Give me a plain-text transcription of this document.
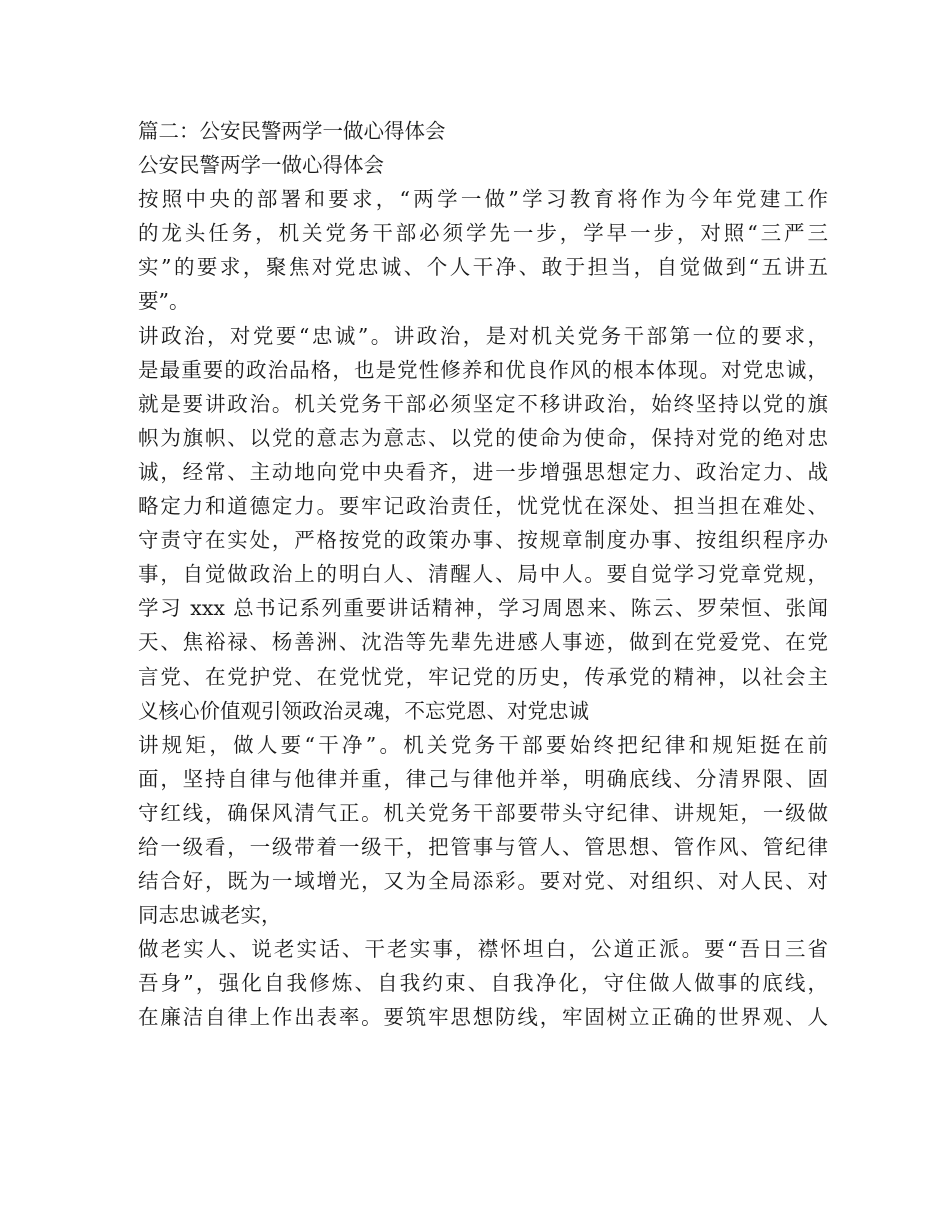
篇二：公安民警两学一做心得体会
公安民警两学一做心得体会
按照中央的部署和要求，“两学一做”学习教育将作为今年党建工作
的龙头任务，机关党务干部必须学先一步，学早一步，对照“三严三
实”的要求，聚焦对党忠诚、个人干净、敢于担当，自觉做到“五讲五
要”。
讲政治，对党要“忠诚”。讲政治，是对机关党务干部第一位的要求，
是最重要的政治品格，也是党性修养和优良作风的根本体现。对党忠诚，
就是要讲政治。机关党务干部必须坚定不移讲政治，始终坚持以党的旗
帜为旗帜、以党的意志为意志、以党的使命为使命，保持对党的绝对忠
诚，经常、主动地向党中央看齐，进一步增强思想定力、政治定力、战
略定力和道德定力。要牢记政治责任，忧党忧在深处、担当担在难处、
守责守在实处，严格按党的政策办事、按规章制度办事、按组织程序办
事，自觉做政治上的明白人、清醒人、局中人。要自觉学习党章党规，
学习 xxx 总书记系列重要讲话精神，学习周恩来、陈云、罗荣恒、张闻
天、焦裕禄、杨善洲、沈浩等先辈先进感人事迹，做到在党爱党、在党
言党、在党护党、在党忧党，牢记党的历史，传承党的精神，以社会主
义核心价值观引领政治灵魂，不忘党恩、对党忠诚
讲规矩，做人要“干净”。机关党务干部要始终把纪律和规矩挺在前
面，坚持自律与他律并重，律己与律他并举，明确底线、分清界限、固
守红线，确保风清气正。机关党务干部要带头守纪律、讲规矩，一级做
给一级看，一级带着一级干，把管事与管人、管思想、管作风、管纪律
结合好，既为一域增光，又为全局添彩。要对党、对组织、对人民、对
同志忠诚老实，
做老实人、说老实话、干老实事，襟怀坦白，公道正派。要“吾日三省
吾身”，强化自我修炼、自我约束、自我净化，守住做人做事的底线，
在廉洁自律上作出表率。要筑牢思想防线，牢固树立正确的世界观、人
